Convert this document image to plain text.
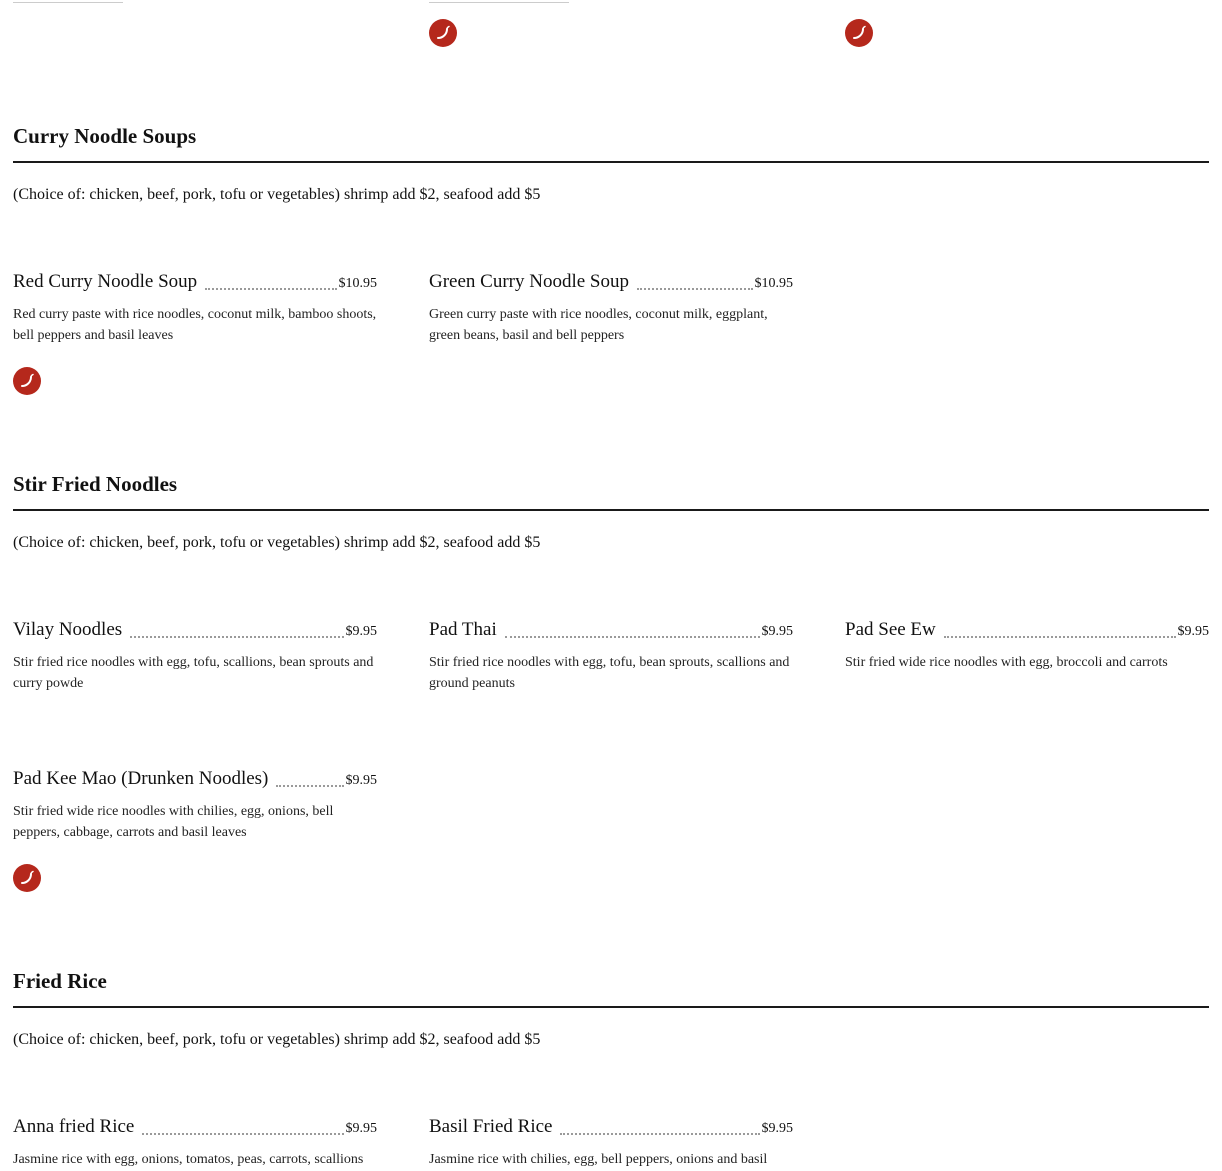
Curry Noodle Soups

(Choice of: chicken, beef, pork, tofu or vegetables) shrimp add $2, seafood add $5

Red Curry Noodle Soup	$10.95

Red curry paste with rice noodles, coconut milk, bamboo shoots, bell peppers and basil leaves

Green Curry Noodle Soup	$10.95

Green curry paste with rice noodles, coconut milk, eggplant, green beans, basil and bell peppers

Stir Fried Noodles

(Choice of: chicken, beef, pork, tofu or vegetables) shrimp add $2, seafood add $5

Vilay Noodles	$9.95

Stir fried rice noodles with egg, tofu, scallions, bean sprouts and curry powde

Pad Thai	$9.95

Stir fried rice noodles with egg, tofu, bean sprouts, scallions and ground peanuts

Pad See Ew	$9.95

Stir fried wide rice noodles with egg, broccoli and carrots

Pad Kee Mao (Drunken Noodles)	$9.95

Stir fried wide rice noodles with chilies, egg, onions, bell peppers, cabbage, carrots and basil leaves

Fried Rice

(Choice of: chicken, beef, pork, tofu or vegetables) shrimp add $2, seafood add $5

Anna fried Rice	$9.95

Jasmine rice with egg, onions, tomatos, peas, carrots, scallions

Basil Fried Rice	$9.95

Jasmine rice with chilies, egg, bell peppers, onions and basil
